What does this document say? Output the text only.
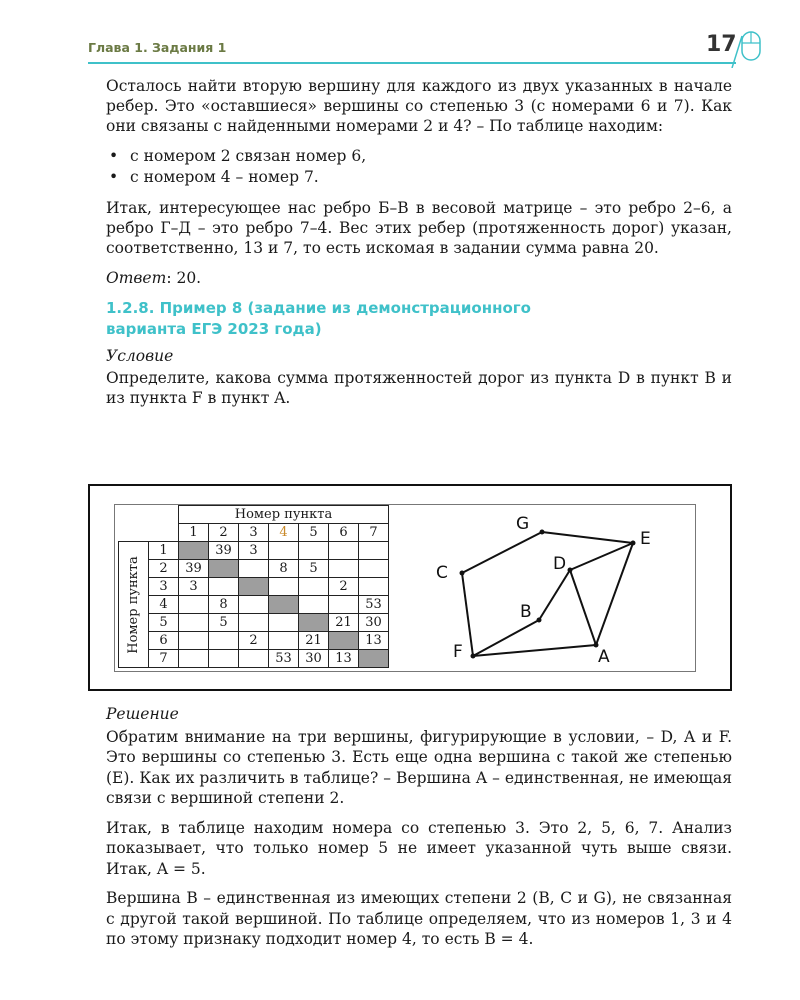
Глава 1. Задания 1	17

Осталось найти вторую вершину для каждого из двух указанных в начале ребер. Это «оставшиеся» вершины со степенью 3 (с номерами 6 и 7). Как они связаны с найденными номерами 2 и 4? – По таблице находим:

• с номером 2 связан номер 6,
• с номером 4 – номер 7.

Итак, интересующее нас ребро Б–В в весовой матрице – это ребро 2–6, а ребро Г–Д – это ребро 7–4. Вес этих ребер (протяженность дорог) указан, соответственно, 13 и 7, то есть искомая в задании сумма равна 20.

Ответ: 20.

1.2.8. Пример 8 (задание из демонстрационного
варианта ЕГЭ 2023 года)
Условие

Определите, какова сумма протяженностей дорог из пункта D в пункт B и из пункта F в пункт A.

		Номер пункта						
		1	2	3	4	5	6	7

Номер пункта	1		39	3				
	2	39			8	5		
	3	3					2	
	4		8					53
	5		5				21	30
	6			2		21		13
	7				53	30	13	
G
E
C	D
B
F	A
Решение

Обратим внимание на три вершины, фигурирующие в условии, – D, A и F. Это вершины со степенью 3. Есть еще одна вершина с такой же степенью (E). Как их различить в таблице? – Вершина A – единственная, не имеющая связи с вершиной степени 2.

Итак, в таблице находим номера со степенью 3. Это 2, 5, 6, 7. Анализ показывает, что только номер 5 не имеет указанной чуть выше связи. Итак, A = 5.

Вершина B – единственная из имеющих степени 2 (B, C и G), не связанная с другой такой вершиной. По таблице определяем, что из номеров 1, 3 и 4 по этому признаку подходит номер 4, то есть B = 4.
